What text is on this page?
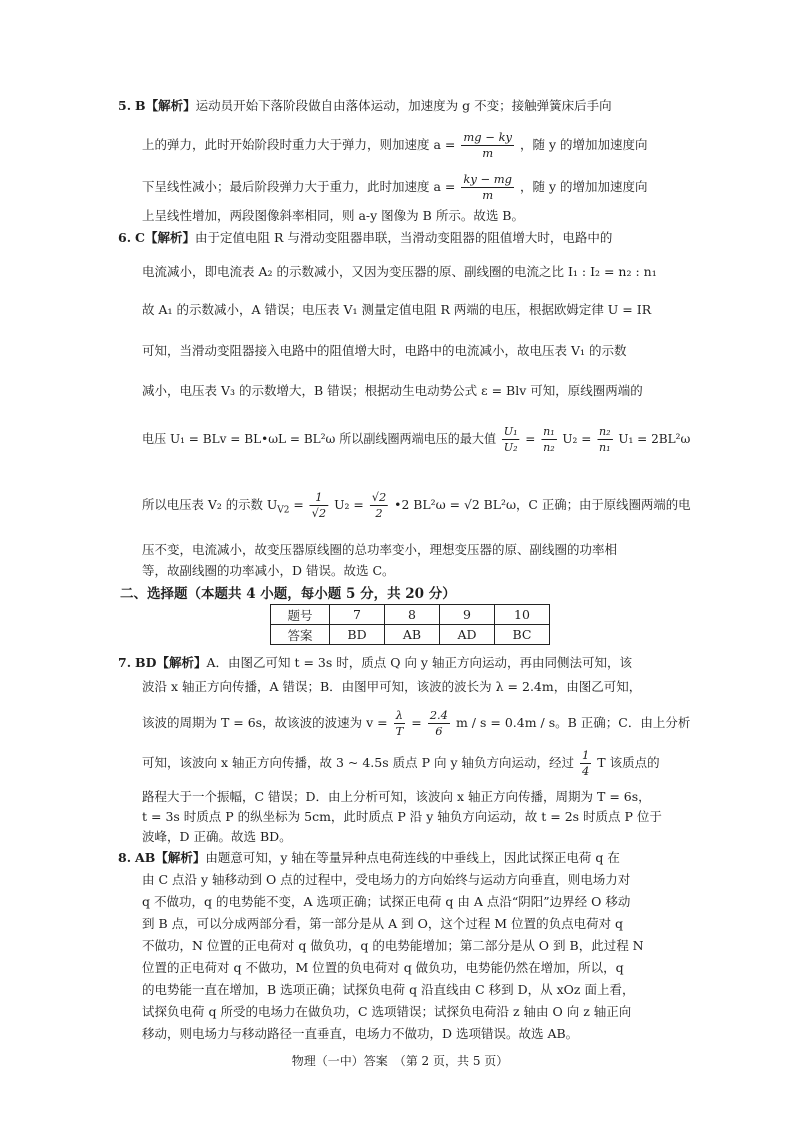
5. B【解析】运动员开始下落阶段做自由落体运动，加速度为 g 不变；接触弹簧床后手向
上的弹力，此时开始阶段时重力大于弹力，则加速度 $a = \frac{mg - ky}{m}$ ，随 y 的增加加速度向
下呈线性减小；最后阶段弹力大于重力，此时加速度 $a = \frac{ky - mg}{m}$ ，随 y 的增加加速度向
上呈线性增加，两段图像斜率相同，则 a-y 图像为 B 所示。故选 B。
6. C【解析】由于定值电阻 R 与滑动变阻器串联，当滑动变阻器的阻值增大时，电路中的
电流减小，即电流表 A₂ 的示数减小，又因为变压器的原、副线圈的电流之比 I₁ : I₂ = n₂ : n₁
故 A₁ 的示数减小，A 错误；电压表 V₁ 测量定值电阻 R 两端的电压，根据欧姆定律 U = IR
可知，当滑动变阻器接入电路中的阻值增大时，电路中的电流减小，故电压表 V₁ 的示数
减小，电压表 V₃ 的示数增大，B 错误；根据动生电动势公式 ε = Blv 可知，原线圈两端的
电压 U₁ = BLv = BL•ωL = BL²ω 所以副线圈两端电压的最大值 $\frac{\text{U₁}}{\text{U₂}} = \frac{\text{n₁}}{\text{n₂}} U_2 = \frac{\text{n₂}}{\text{n₁}} U_1 = 2BL^2\omega$
所以电压表 V₂ 的示数 $U_{V2} = \frac{1}{√2} U_2 = \frac{√2}{2}$ •2 BL²ω = √2 BL²ω，C 正确；由于原线圈两端的电
压不变，电流减小，故变压器原线圈的总功率变小，理想变压器的原、副线圈的功率相
等，故副线圈的功率减小，D 错误。故选 C。
二、选择题（本题共 4 小题，每小题 5 分，共 20 分）
题号	7	8	9	10
答案	BD	AB	AD	BC
7. BD【解析】A．由图乙可知 t = 3s 时，质点 Q 向 y 轴正方向运动，再由同侧法可知，该
波沿 x 轴正方向传播，A 错误；B．由图甲可知，该波的波长为 λ = 2.4m，由图乙可知，
该波的周期为 T = 6s，故该波的波速为 $v = \frac{\lambda}{T} = \frac{2.4}{6}$ m / s = 0.4m / s。B 正确；C．由上分析
可知，该波向 x 轴正方向传播，故 3 ~ 4.5s 质点 P 向 y 轴负方向运动，经过 $\frac{1}{4}$ T 该质点的
路程大于一个振幅，C 错误；D．由上分析可知，该波向 x 轴正方向传播，周期为 T = 6s，
t = 3s 时质点 P 的纵坐标为 5cm，此时质点 P 沿 y 轴负方向运动，故 t = 2s 时质点 P 位于
波峰，D 正确。故选 BD。
8. AB【解析】由题意可知，y 轴在等量异种点电荷连线的中垂线上，因此试探正电荷 q 在
由 C 点沿 y 轴移动到 O 点的过程中，受电场力的方向始终与运动方向垂直，则电场力对
q 不做功，q 的电势能不变，A 选项正确；试探正电荷 q 由 A 点沿“阴阳”边界经 O 移动
到 B 点，可以分成两部分看，第一部分是从 A 到 O，这个过程 M 位置的负点电荷对 q
不做功，N 位置的正电荷对 q 做负功，q 的电势能增加；第二部分是从 O 到 B，此过程 N
位置的正电荷对 q 不做功，M 位置的负电荷对 q 做负功，电势能仍然在增加，所以，q
的电势能一直在增加，B 选项正确；试探负电荷 q 沿直线由 C 移到 D，从 xOz 面上看，
试探负电荷 q 所受的电场力在做负功，C 选项错误；试探负电荷沿 z 轴由 O 向 z 轴正向
移动，则电场力与移动路径一直垂直，电场力不做功，D 选项错误。故选 AB。
物理（一中）答案　（第 2 页，共 5 页）
